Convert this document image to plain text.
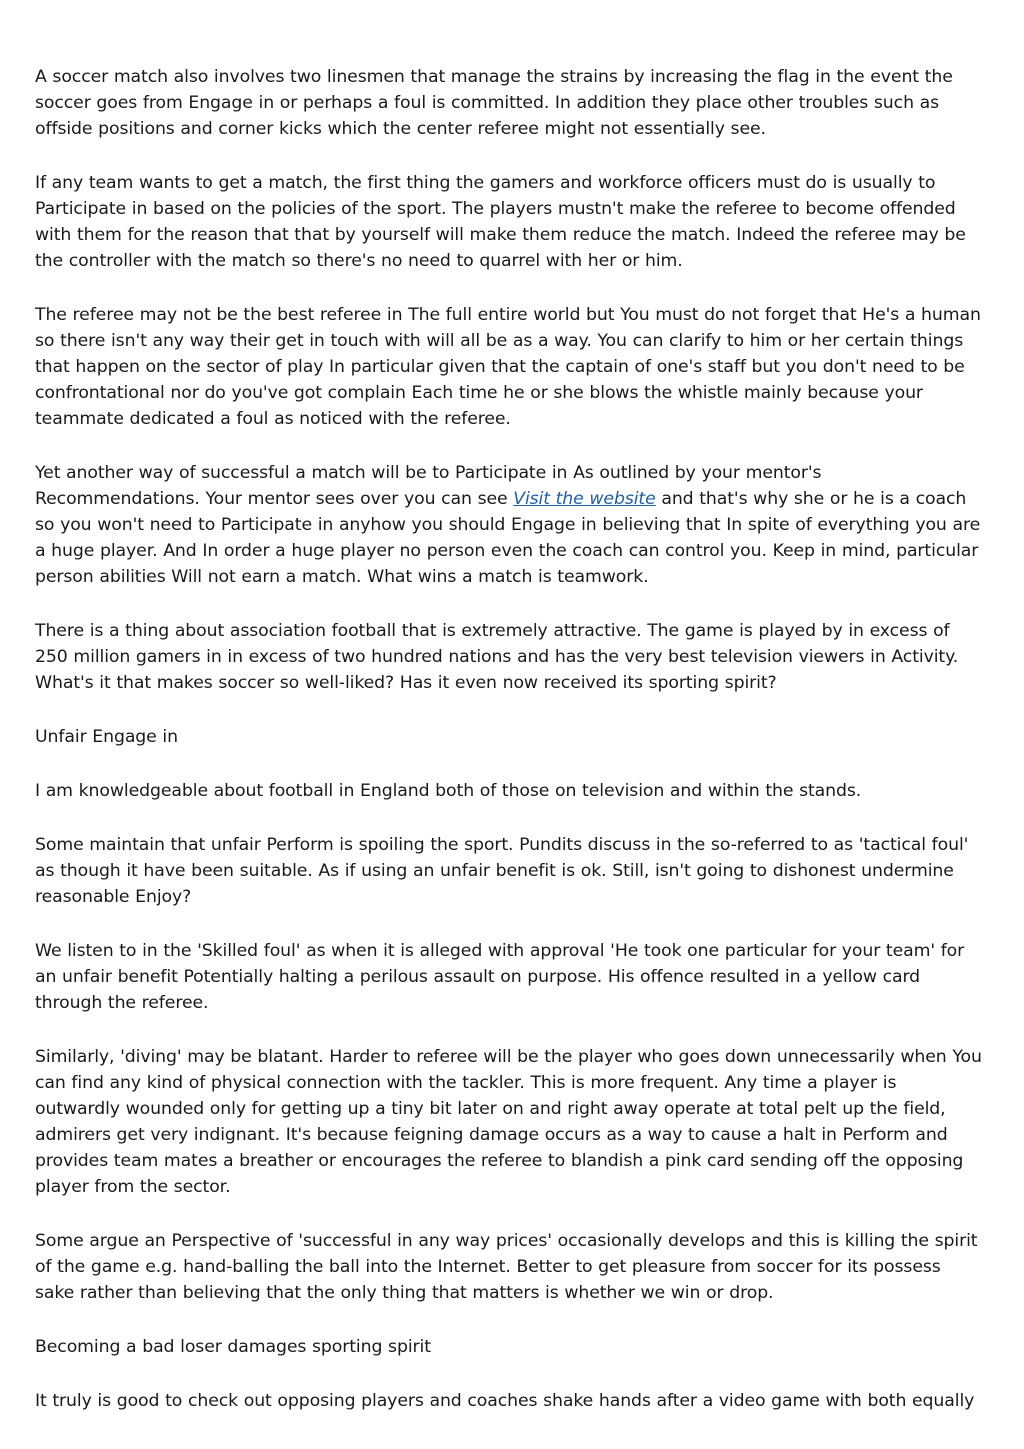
A soccer match also involves two linesmen that manage the strains by increasing the flag in the event the soccer goes from Engage in or perhaps a foul is committed. In addition they place other troubles such as offside positions and corner kicks which the center referee might not essentially see.

If any team wants to get a match, the first thing the gamers and workforce officers must do is usually to Participate in based on the policies of the sport. The players mustn't make the referee to become offended with them for the reason that that by yourself will make them reduce the match. Indeed the referee may be the controller with the match so there's no need to quarrel with her or him.

The referee may not be the best referee in The full entire world but You must do not forget that He's a human so there isn't any way their get in touch with will all be as a way. You can clarify to him or her certain things that happen on the sector of play In particular given that the captain of one's staff but you don't need to be confrontational nor do you've got complain Each time he or she blows the whistle mainly because your teammate dedicated a foul as noticed with the referee.

Yet another way of successful a match will be to Participate in As outlined by your mentor's Recommendations. Your mentor sees over you can see Visit the website and that's why she or he is a coach so you won't need to Participate in anyhow you should Engage in believing that In spite of everything you are a huge player. And In order a huge player no person even the coach can control you. Keep in mind, particular person abilities Will not earn a match. What wins a match is teamwork.

There is a thing about association football that is extremely attractive. The game is played by in excess of 250 million gamers in in excess of two hundred nations and has the very best television viewers in Activity. What's it that makes soccer so well-liked? Has it even now received its sporting spirit?

Unfair Engage in

I am knowledgeable about football in England both of those on television and within the stands.

Some maintain that unfair Perform is spoiling the sport. Pundits discuss in the so-referred to as 'tactical foul' as though it have been suitable. As if using an unfair benefit is ok. Still, isn't going to dishonest undermine reasonable Enjoy?

We listen to in the 'Skilled foul' as when it is alleged with approval 'He took one particular for your team' for an unfair benefit Potentially halting a perilous assault on purpose. His offence resulted in a yellow card through the referee.

Similarly, 'diving' may be blatant. Harder to referee will be the player who goes down unnecessarily when You can find any kind of physical connection with the tackler. This is more frequent. Any time a player is outwardly wounded only for getting up a tiny bit later on and right away operate at total pelt up the field, admirers get very indignant. It's because feigning damage occurs as a way to cause a halt in Perform and provides team mates a breather or encourages the referee to blandish a pink card sending off the opposing player from the sector.

Some argue an Perspective of 'successful in any way prices' occasionally develops and this is killing the spirit of the game e.g. hand-balling the ball into the Internet. Better to get pleasure from soccer for its possess sake rather than believing that the only thing that matters is whether we win or drop.

Becoming a bad loser damages sporting spirit

It truly is good to check out opposing players and coaches shake hands after a video game with both equally
